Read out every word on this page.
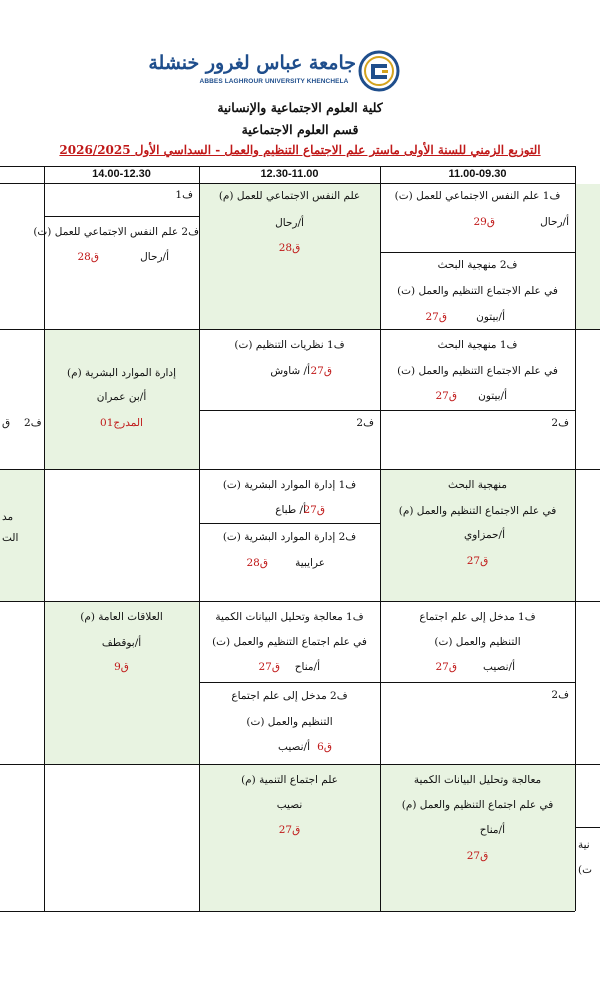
جامعة عباس لغرور خنشلة
ABBES LAGHROUR UNIVERSITY KHENCHELA
كلية العلوم الاجتماعية والإنسانية
قسم العلوم الاجتماعية
التوزيع الزمني للسنة الأولى ماستر علم الاجتماع التنظيم والعمل - السداسي الأول 2026/2025
11.00-09.30
12.30-11.00
14.00-12.30
ف1 علم النفس الاجتماعي للعمل (ت)
أ/رحال
ق29
ف2 منهجية البحث
في علم الاجتماع التنظيم والعمل (ت)
أ/بيتون
ق27
علم النفس الاجتماعي للعمل (م)
أ/رحال
ق28
ف1
ف2 علم النفس الاجتماعي للعمل (ت)
أ/رحال
ق28
ف1 منهجية البحث
في علم الاجتماع التنظيم والعمل (ت)
أ/بيتون
ق27
ف2
ف1 نظريات التنظيم (ت)
أ/ شاوش ق27
ف2
إدارة الموارد البشرية (م)
أ/بن عمران
المدرج01
ف2
ق
منهجية البحث
في علم الاجتماع التنظيم والعمل (م)
أ/حمزاوي
ق27
ف1 إدارة الموارد البشرية (ت)
أ/ طباع
ق27
ف2 إدارة الموارد البشرية (ت)
عرايبية
ق28
مد
الت
ف1 مدخل إلى علم اجتماع
التنظيم والعمل (ت)
أ/نصيب
ق27
ف2
ف1 معالجة وتحليل البيانات الكمية
في علم اجتماع التنظيم والعمل (ت)
أ/مناح
ق27
ف2 مدخل إلى علم اجتماع
التنظيم والعمل (ت)
أ/نصيب ق6
العلاقات العامة (م)
أ/بوقطف
ق9
معالجة وتحليل البيانات الكمية
في علم اجتماع التنظيم والعمل (م)
أ/مناح
ق27
علم اجتماع التنمية (م)
نصيب
ق27
نية
ت)
